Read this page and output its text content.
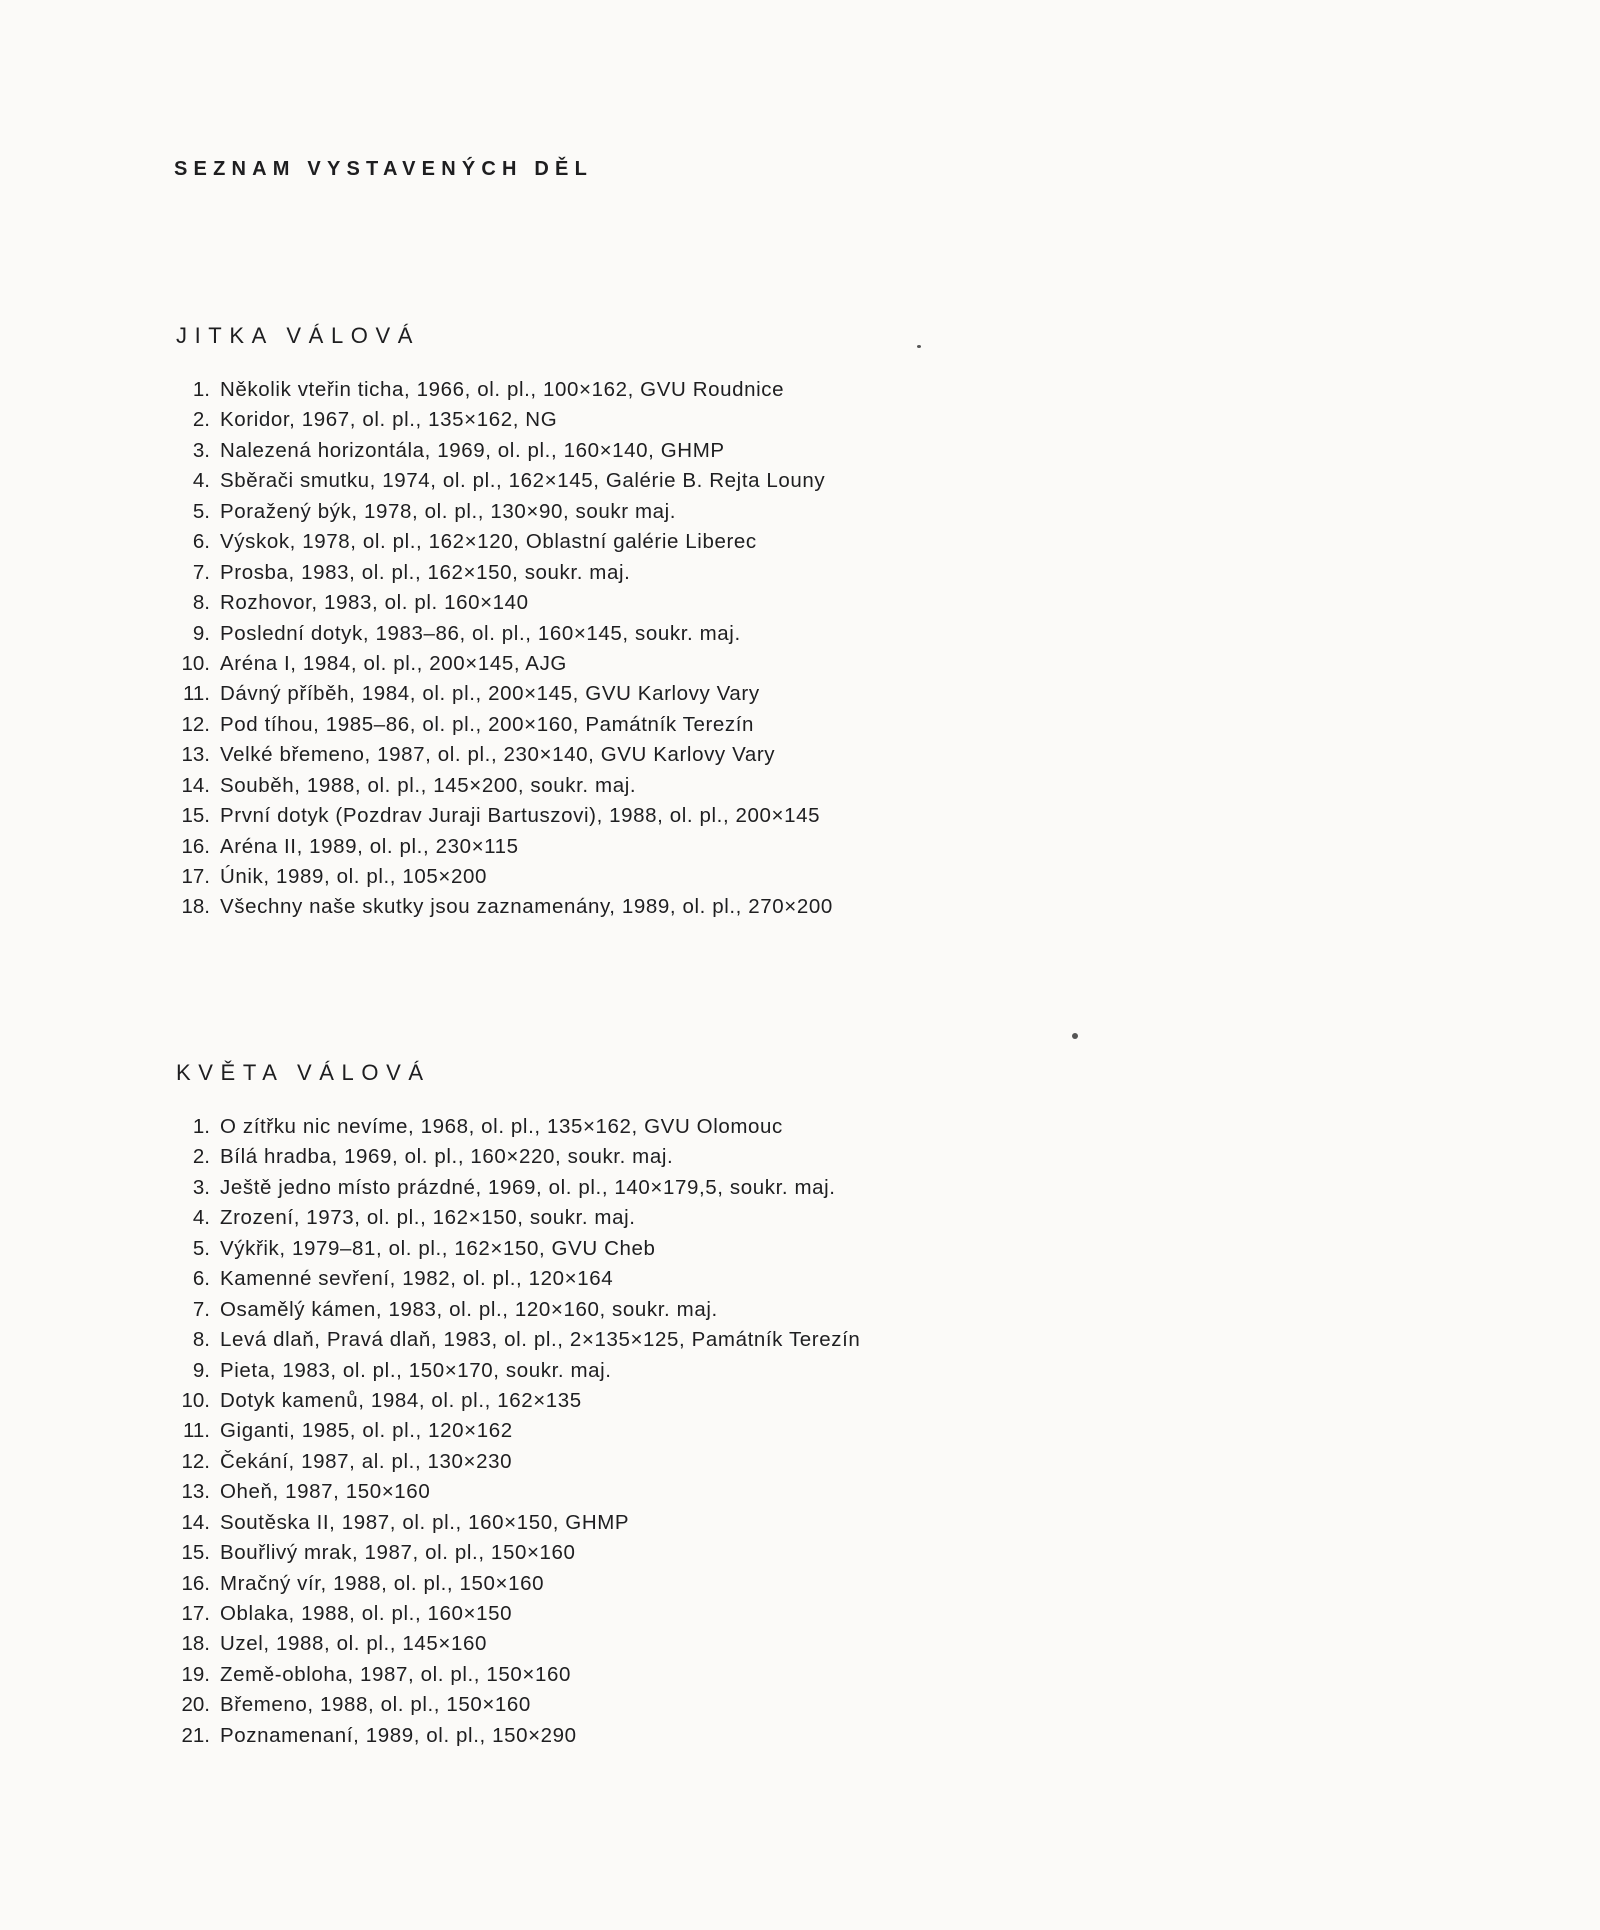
SEZNAM VYSTAVENÝCH DĚL
JITKA VÁLOVÁ
1. Několik vteřin ticha, 1966, ol. pl., 100×162, GVU Roudnice
2. Koridor, 1967, ol. pl., 135×162, NG
3. Nalezená horizontála, 1969, ol. pl., 160×140, GHMP
4. Sběrači smutku, 1974, ol. pl., 162×145, Galérie B. Rejta Louny
5. Poražený býk, 1978, ol. pl., 130×90, soukr maj.
6. Výskok, 1978, ol. pl., 162×120, Oblastní galérie Liberec
7. Prosba, 1983, ol. pl., 162×150, soukr. maj.
8. Rozhovor, 1983, ol. pl. 160×140
9. Poslední dotyk, 1983–86, ol. pl., 160×145, soukr. maj.
10. Aréna I, 1984, ol. pl., 200×145, AJG
11. Dávný příběh, 1984, ol. pl., 200×145, GVU Karlovy Vary
12. Pod tíhou, 1985–86, ol. pl., 200×160, Památník Terezín
13. Velké břemeno, 1987, ol. pl., 230×140, GVU Karlovy Vary
14. Souběh, 1988, ol. pl., 145×200, soukr. maj.
15. První dotyk (Pozdrav Juraji Bartuszovi), 1988, ol. pl., 200×145
16. Aréna II, 1989, ol. pl., 230×115
17. Únik, 1989, ol. pl., 105×200
18. Všechny naše skutky jsou zaznamenány, 1989, ol. pl., 270×200
KVĚTA VÁLOVÁ
1. O zítřku nic nevíme, 1968, ol. pl., 135×162, GVU Olomouc
2. Bílá hradba, 1969, ol. pl., 160×220, soukr. maj.
3. Ještě jedno místo prázdné, 1969, ol. pl., 140×179,5, soukr. maj.
4. Zrození, 1973, ol. pl., 162×150, soukr. maj.
5. Výkřik, 1979–81, ol. pl., 162×150, GVU Cheb
6. Kamenné sevření, 1982, ol. pl., 120×164
7. Osamělý kámen, 1983, ol. pl., 120×160, soukr. maj.
8. Levá dlaň, Pravá dlaň, 1983, ol. pl., 2×135×125, Památník Terezín
9. Pieta, 1983, ol. pl., 150×170, soukr. maj.
10. Dotyk kamenů, 1984, ol. pl., 162×135
11. Giganti, 1985, ol. pl., 120×162
12. Čekání, 1987, al. pl., 130×230
13. Oheň, 1987, 150×160
14. Soutěska II, 1987, ol. pl., 160×150, GHMP
15. Bouřlivý mrak, 1987, ol. pl., 150×160
16. Mračný vír, 1988, ol. pl., 150×160
17. Oblaka, 1988, ol. pl., 160×150
18. Uzel, 1988, ol. pl., 145×160
19. Země-obloha, 1987, ol. pl., 150×160
20. Břemeno, 1988, ol. pl., 150×160
21. Poznamenaní, 1989, ol. pl., 150×290
